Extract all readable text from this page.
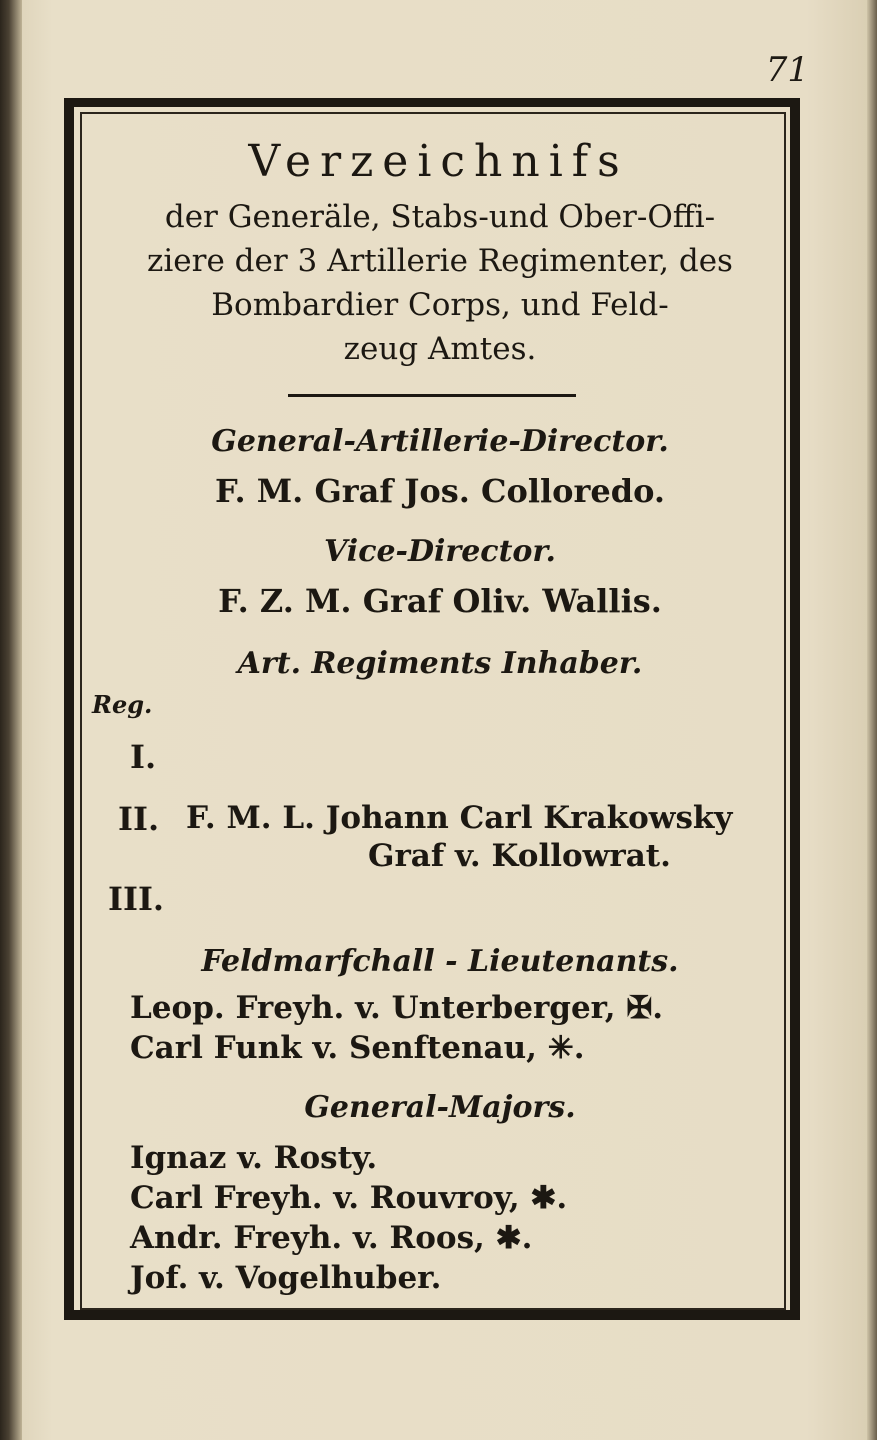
71
Verzeichnifs
der Generäle, Stabs-und Ober-Offi-
ziere der 3 Artillerie Regimenter, des
Bombardier Corps, und Feld-
zeug Amtes.
General-Artillerie-Director.
F. M. Graf Jos. Colloredo.
Vice-Director.
F. Z. M. Graf Oliv. Wallis.
Art. Regiments Inhaber.
Reg.
I.
II. F. M. L. Johann Carl Krakowsky
Graf v. Kollowrat.
III.
Feldmarfchall - Lieutenants.
Leop. Freyh. v. Unterberger, ✠.
Carl Funk v. Senftenau, ✳.
General-Majors.
Ignaz v. Rosty.
Carl Freyh. v. Rouvroy, ✱.
Andr. Freyh. v. Roos, ✱.
Jof. v. Vogelhuber.
